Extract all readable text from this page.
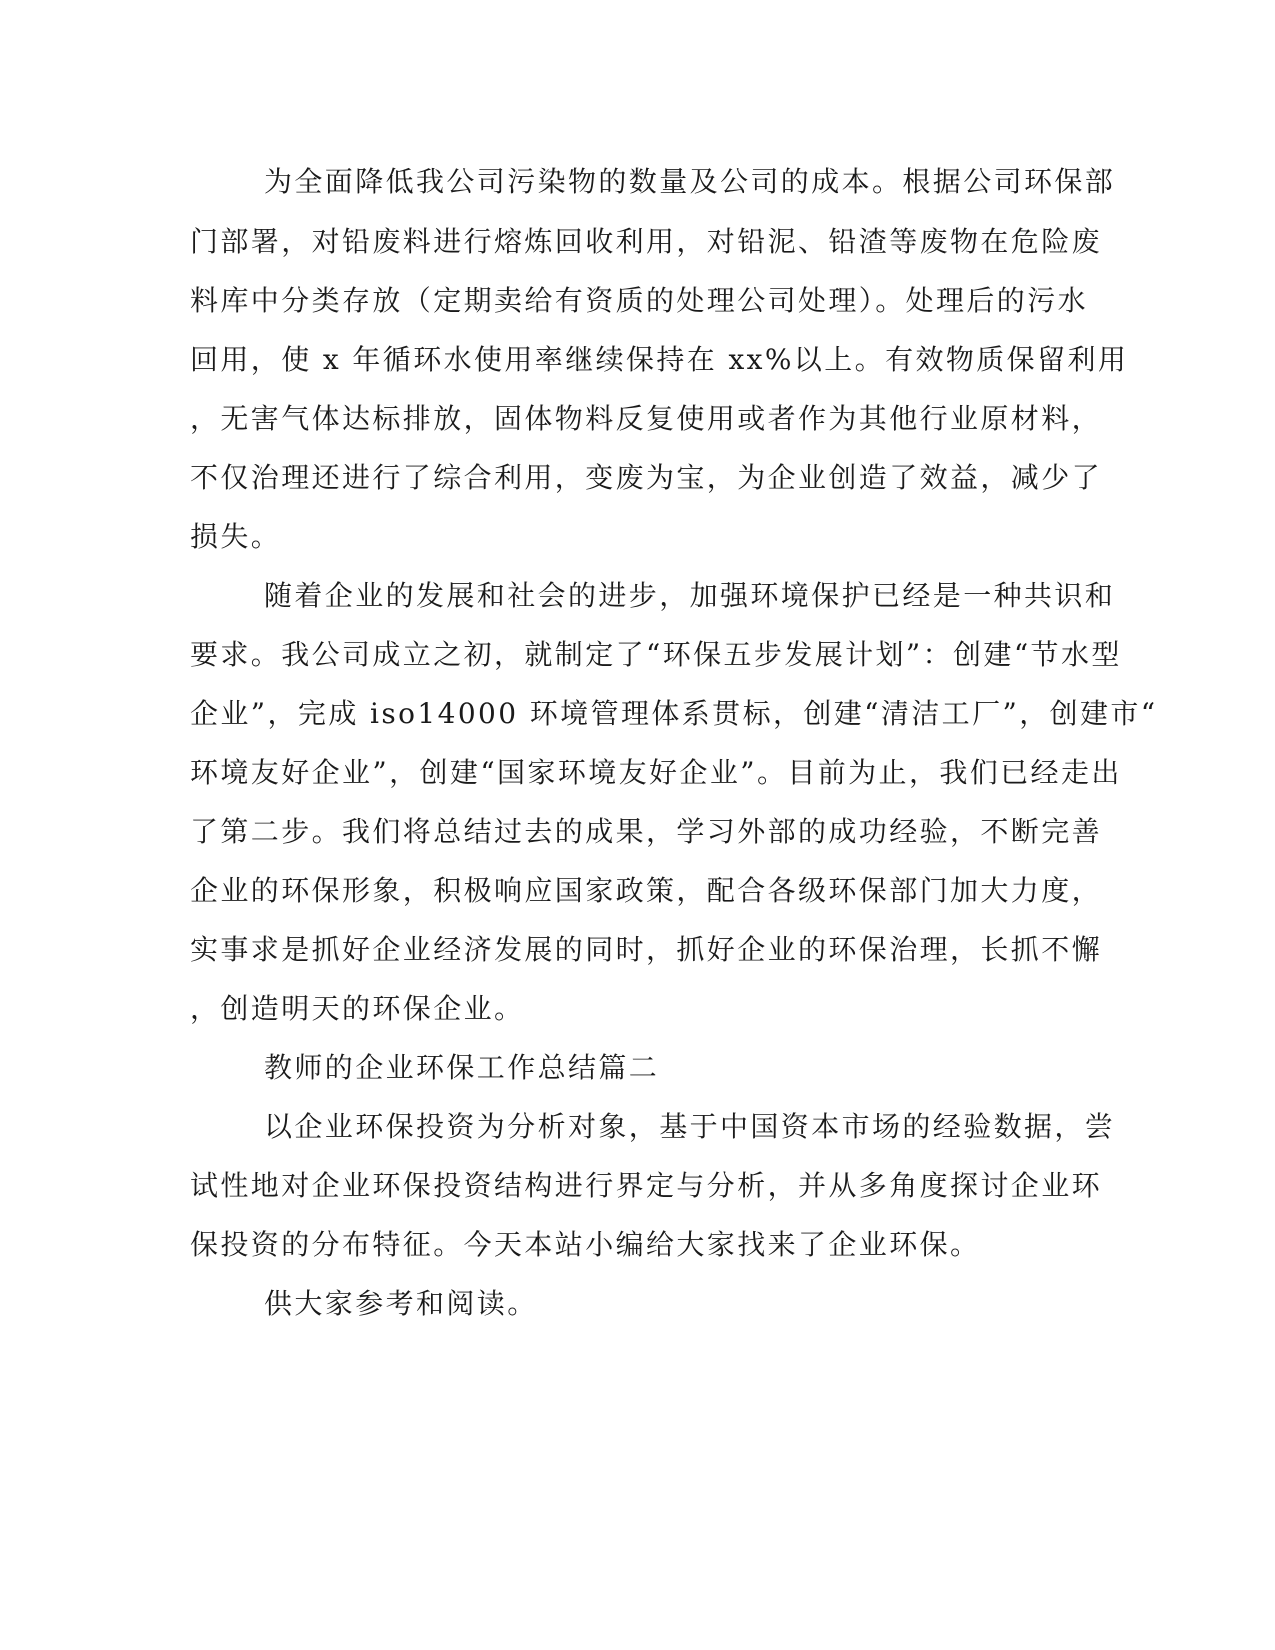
为全面降低我公司污染物的数量及公司的成本。根据公司环保部

门部署，对铅废料进行熔炼回收利用，对铅泥、铅渣等废物在危险废

料库中分类存放（定期卖给有资质的处理公司处理）。处理后的污水

回用，使 x 年循环水使用率继续保持在 xx%以上。有效物质保留利用

，无害气体达标排放，固体物料反复使用或者作为其他行业原材料，

不仅治理还进行了综合利用，变废为宝，为企业创造了效益，减少了

损失。

随着企业的发展和社会的进步，加强环境保护已经是一种共识和

要求。我公司成立之初，就制定了“环保五步发展计划”：创建“节水型

企业”，完成 iso14000 环境管理体系贯标，创建“清洁工厂”，创建市“

环境友好企业”，创建“国家环境友好企业”。目前为止，我们已经走出

了第二步。我们将总结过去的成果，学习外部的成功经验，不断完善

企业的环保形象，积极响应国家政策，配合各级环保部门加大力度，

实事求是抓好企业经济发展的同时，抓好企业的环保治理，长抓不懈

，创造明天的环保企业。

教师的企业环保工作总结篇二

以企业环保投资为分析对象，基于中国资本市场的经验数据，尝

试性地对企业环保投资结构进行界定与分析，并从多角度探讨企业环

保投资的分布特征。今天本站小编给大家找来了企业环保。

供大家参考和阅读。
